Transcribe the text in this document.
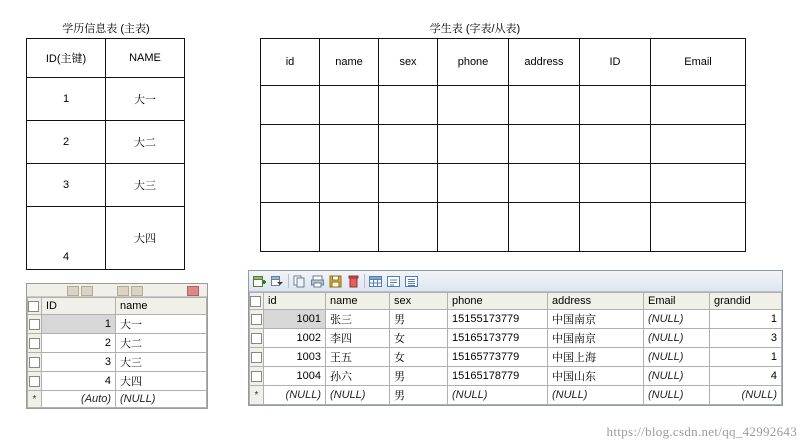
学历信息表 (主表)
ID(主键)	NAME
1	大一
2	大二
3	大三
4	大四
学生表 (字表/从表)
id	name	sex	phone	address	ID	Email

	ID	name
	1	大一
	2	大二
	3	大三
	4	大四
*	(Auto)	(NULL)
	id	name	sex	phone	address	Email	grandid
	1001	张三	男	15155173779	中国南京	(NULL)	1
	1002	李四	女	15165173779	中国南京	(NULL)	3
	1003	王五	女	15165773779	中国上海	(NULL)	1
	1004	孙六	男	15165178779	中国山东	(NULL)	4
*	(NULL)	(NULL)	男	(NULL)	(NULL)	(NULL)	(NULL)
https://blog.csdn.net/qq_42992643
